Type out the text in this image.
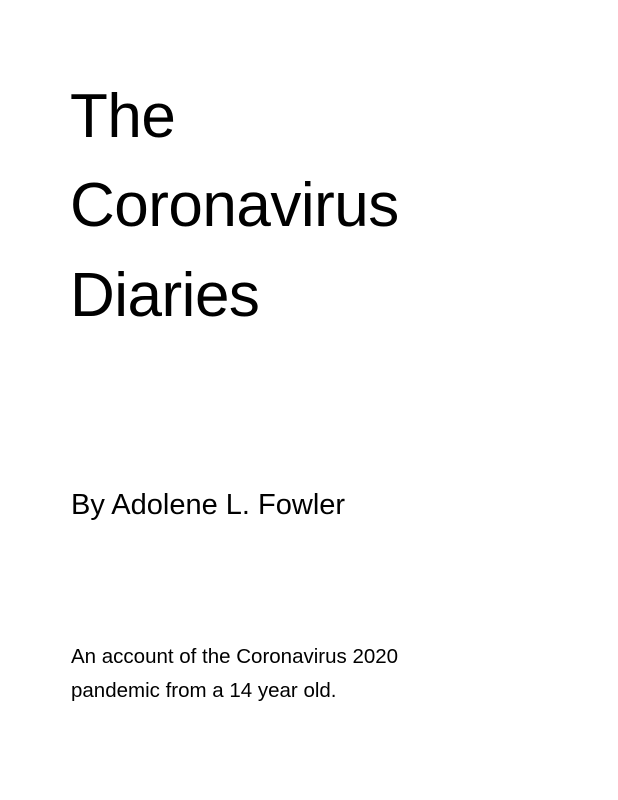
The
Coronavirus
Diaries
By Adolene L. Fowler
An account of the Coronavirus 2020
pandemic from a 14 year old.
